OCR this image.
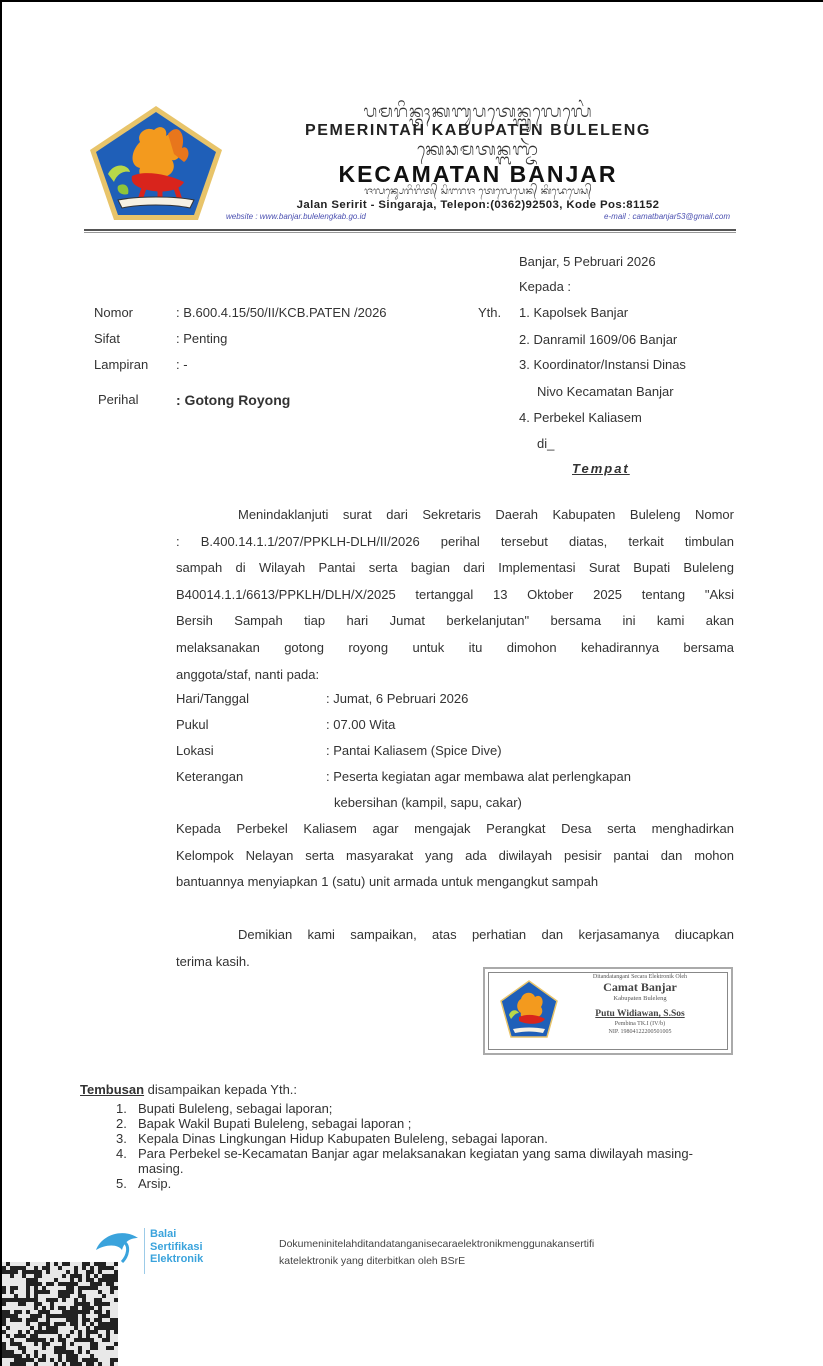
ᬧᬫᬭᬶᬦ᭄ᬢᬄᬓᬩᬸᬧᬢᬾᬦ᭄ᬩᬸᬮᬾᬮᬾᬂ
PEMERINTAH KABUPATEN BULELENG
ᬓᬾᬘᬫᬢᬦ᭄ᬩᬜ᭄ᬚᬃ
KECAMATAN BANJAR
ᬚᬮᬦ᭄ᬲᬾᬭᬶᬭᬶᬢ᭄ ᬲᬶᬗᬭᬚ ᬢᬾᬮᬾᬧᬾᬦ᭄ ᬓᬶᬤᬾᬧᬾᬲ᭄
Jalan Seririt - Singaraja, Telepon:(0362)92503, Kode Pos:81152
website : www.banjar.bulelengkab.go.id	e-mail : camatbanjar53@gmail.com
Banjar, 5 Pebruari 2026
Kepada :
Yth. 1. Kapolsek Banjar
2. Danramil 1609/06 Banjar
3. Koordinator/Instansi Dinas
Nivo Kecamatan Banjar
4. Perbekel Kaliasem
di_
Tempat
Nomor	: B.600.4.15/50/II/KCB.PATEN /2026
Sifat	: Penting
Lampiran : -
Perihal	: Gotong Royong
Menindaklanjuti surat dari Sekretaris Daerah Kabupaten Buleleng Nomor
: B.400.14.1.1/207/PPKLH-DLH/II/2026 perihal tersebut diatas, terkait timbulan
sampah di Wilayah Pantai serta bagian dari Implementasi Surat Bupati Buleleng
B40014.1.1/6613/PPKLH/DLH/X/2025 tertanggal 13 Oktober 2025 tentang "Aksi
Bersih Sampah tiap hari Jumat berkelanjutan" bersama ini kami akan
melaksanakan gotong royong untuk itu dimohon kehadirannya bersama
anggota/staf, nanti pada:
Hari/Tanggal	: Jumat, 6 Pebruari 2026
Pukul	: 07.00 Wita
Lokasi	: Pantai Kaliasem (Spice Dive)
Keterangan	: Peserta kegiatan agar membawa alat perlengkapan
kebersihan (kampil, sapu, cakar)
Kepada Perbekel Kaliasem agar mengajak Perangkat Desa serta menghadirkan
Kelompok Nelayan serta masyarakat yang ada diwilayah pesisir pantai dan mohon
bantuannya menyiapkan 1 (satu) unit armada untuk mengangkut sampah
Demikian kami sampaikan, atas perhatian dan kerjasamanya diucapkan
terima kasih.
Ditandatangani Secara Elektronik Oleh
Camat Banjar
Kabupaten Buleleng
Putu Widiawan, S.Sos
Pembina TK.I (IV/b)
NIP. 19804122200501005
Tembusan disampaikan kepada Yth.:
1. Bupati Buleleng, sebagai laporan;
2. Bapak Wakil Bupati Buleleng, sebagai laporan ;
3. Kepala Dinas Lingkungan Hidup Kabupaten Buleleng, sebagai laporan.
4. Para Perbekel se-Kecamatan Banjar agar melaksanakan kegiatan yang sama diwilayah masing-masing.
5. Arsip.
Balai
Sertifikasi
Elektronik
Dokumeninitelahditandatanganisecaraelektronikmenggunakansertifi
katelektronik yang diterbitkan oleh BSrE
